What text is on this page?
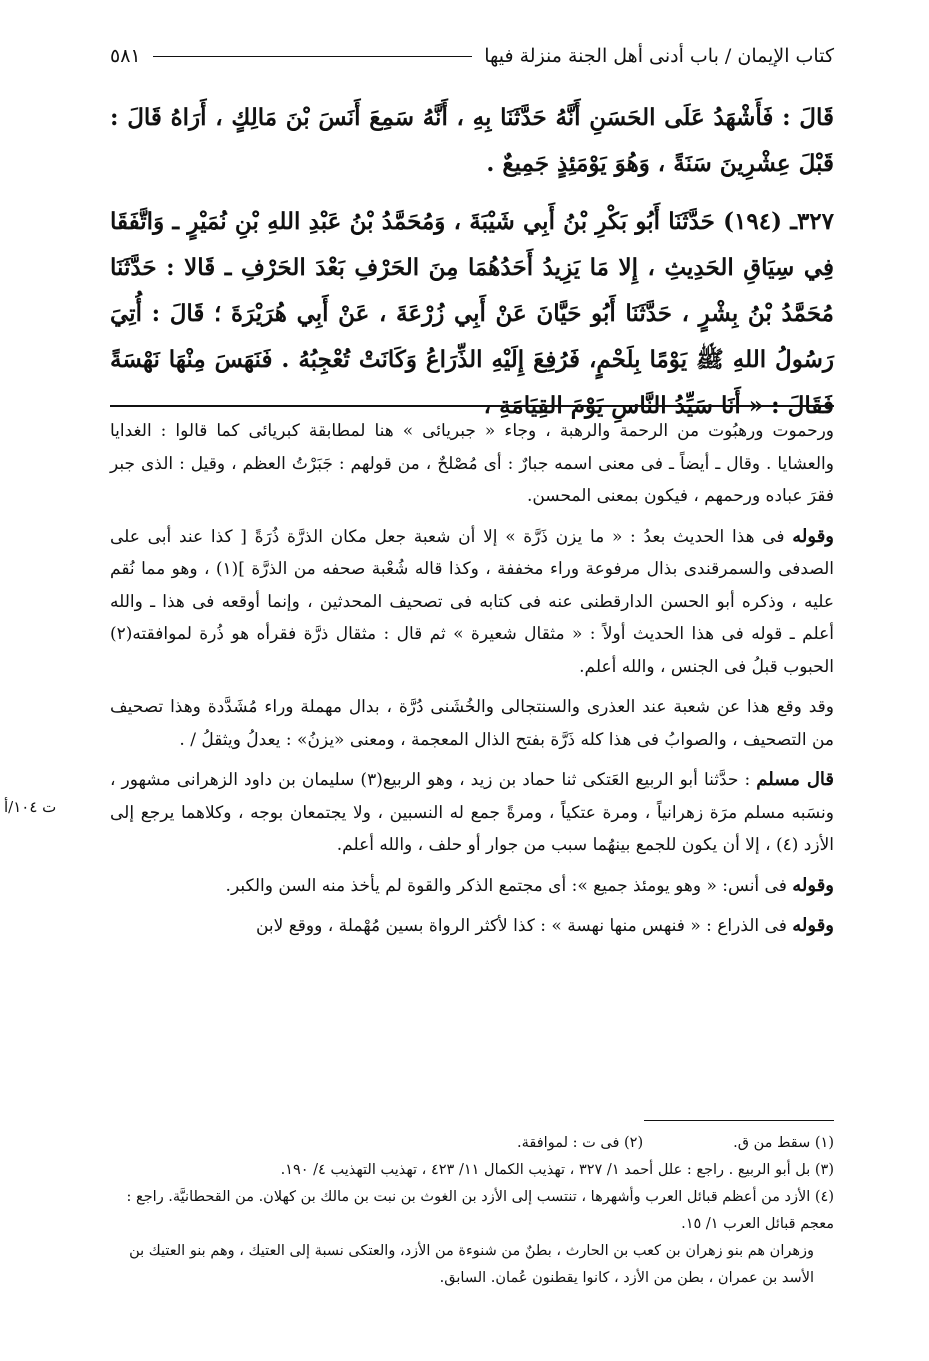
كتاب الإيمان / باب أدنى أهل الجنة منزلة فيها
٥٨١

قَالَ : فَأَشْهَدُ عَلَى الحَسَنِ أَنَّهُ حَدَّثَنَا بِهِ ، أَنَّهُ سَمِعَ أَنَسَ بْنَ مَالِكٍ ، أَرَاهُ قَالَ : قَبْلَ عِشْرِينَ سَنَةً ، وَهُوَ يَوْمَئِذٍ جَمِيعٌ .

٣٢٧ـ (١٩٤) حَدَّثَنَا أَبُو بَكْرِ بْنُ أَبِي شَيْبَةَ ، وَمُحَمَّدُ بْنُ عَبْدِ اللهِ بْنِ نُمَيْرٍ ـ وَاتَّفَقَا فِي سِيَاقِ الحَدِيثِ ، إِلا مَا يَزِيدُ أَحَدُهُمَا مِنَ الحَرْفِ بَعْدَ الحَرْفِ ـ قَالا : حَدَّثَنَا مُحَمَّدُ بْنُ بِشْرٍ ، حَدَّثَنَا أَبُو حَيَّانَ عَنْ أَبِي زُرْعَةَ ، عَنْ أَبِي هُرَيْرَةَ ؛ قَالَ : أُتِيَ رَسُولُ اللهِ ﷺ يَوْمًا بِلَحْمٍ، فَرُفِعَ إِلَيْهِ الذِّرَاعُ وَكَانَتْ تُعْجِبُهُ . فَنَهَسَ مِنْهَا نَهْسَةً فَقَالَ : « أَنَا سَيِّدُ النَّاسِ يَوْمَ القِيَامَةِ ،

ورحموت ورهبُوت من الرحمة والرهبة ، وجاء « جبريائى » هنا لمطابقة كبريائى كما قالوا : الغدايا والعشايا . وقال ـ أيضاً ـ فى معنى اسمه جبارٌ : أى مُصْلحٌ ، من قولهم : جَبَرْتُ العظم ، وقيل : الذى جبر فقرَ عباده ورحمهم ، فيكون بمعنى المحسن.

وقوله فى هذا الحديث بعدُ : « ما يزن ذَرَّة » إلا أن شعبة جعل مكان الذرَّة ذُرَةً [ كذا عند أبى على الصدفى والسمرقندى بذال مرفوعة وراء مخففة ، وكذا قاله شُعْبة صحفه من الذرَّة ](١) ، وهو مما نُقم عليه ، وذكره أبو الحسن الدارقطنى عنه فى كتابه فى تصحيف المحدثين ، وإنما أوقعه فى هذا ـ والله أعلم ـ قوله فى هذا الحديث أولاً : « مثقال شعيرة » ثم قال : مثقال ذرَّة فقرأه هو ذُرة لموافقته(٢) الحبوب قبلُ فى الجنس ، والله أعلم.

وقد وقع هذا عن شعبة عند العذرى والسنتجالى والخُشَنى دُرَّة ، بدال مهملة وراء مُشَدَّدة وهذا تصحيف من التصحيف ، والصوابُ فى هذا كله ذَرَّة بفتح الذال المعجمة ، ومعنى «يزنُ» : يعدلُ ويثقلُ / .

قال مسلم : حدَّثنا أبو الربيع العَتكى ثنا حماد بن زيد ، وهو الربيع(٣) سليمان بن داود الزهرانى مشهور ، ونسَبه مسلم مرَة زهرانياً ، ومرة عتكياً ، ومرةً جمع له النسبين ، ولا يجتمعان بوجه ، وكلاهما يرجع إلى الأزد (٤) ، إلا أن يكون للجمع بينهُما سبب من جوار أو حلف ، والله أعلم.

وقوله فى أنس: « وهو يومئذ جميع »: أى مجتمع الذكر والقوة لم يأخذ منه السن والكبر.

وقوله فى الذراع : « فنهس منها نهسة » : كذا لأكثر الرواة بسين مُهْملة ، ووقع لابن

ت ١٠٤/أ

(١) سقط من ق.

(٢) فى ت : لموافقة.

(٣) بل أبو الربيع . راجع : علل أحمد ١/ ٣٢٧ ، تهذيب الكمال ١١/ ٤٢٣ ، تهذيب التهذيب ٤/ ١٩٠.

(٤) الأزد من أعظم قبائل العرب وأشهرها ، تنتسب إلى الأزد بن الغوث بن نبت بن مالك بن كهلان. من القحطانيَّة. راجع : معجم قبائل العرب ١/ ١٥.

وزهران هم بنو زهران بن كعب بن الحارث ، بطنٌ من شنوءة من الأزد، والعتكى نسبة إلى العتيك ، وهم بنو العتيك بن الأسد بن عمران ، بطن من الأزد ، كانوا يقطنون عُمان. السابق.
